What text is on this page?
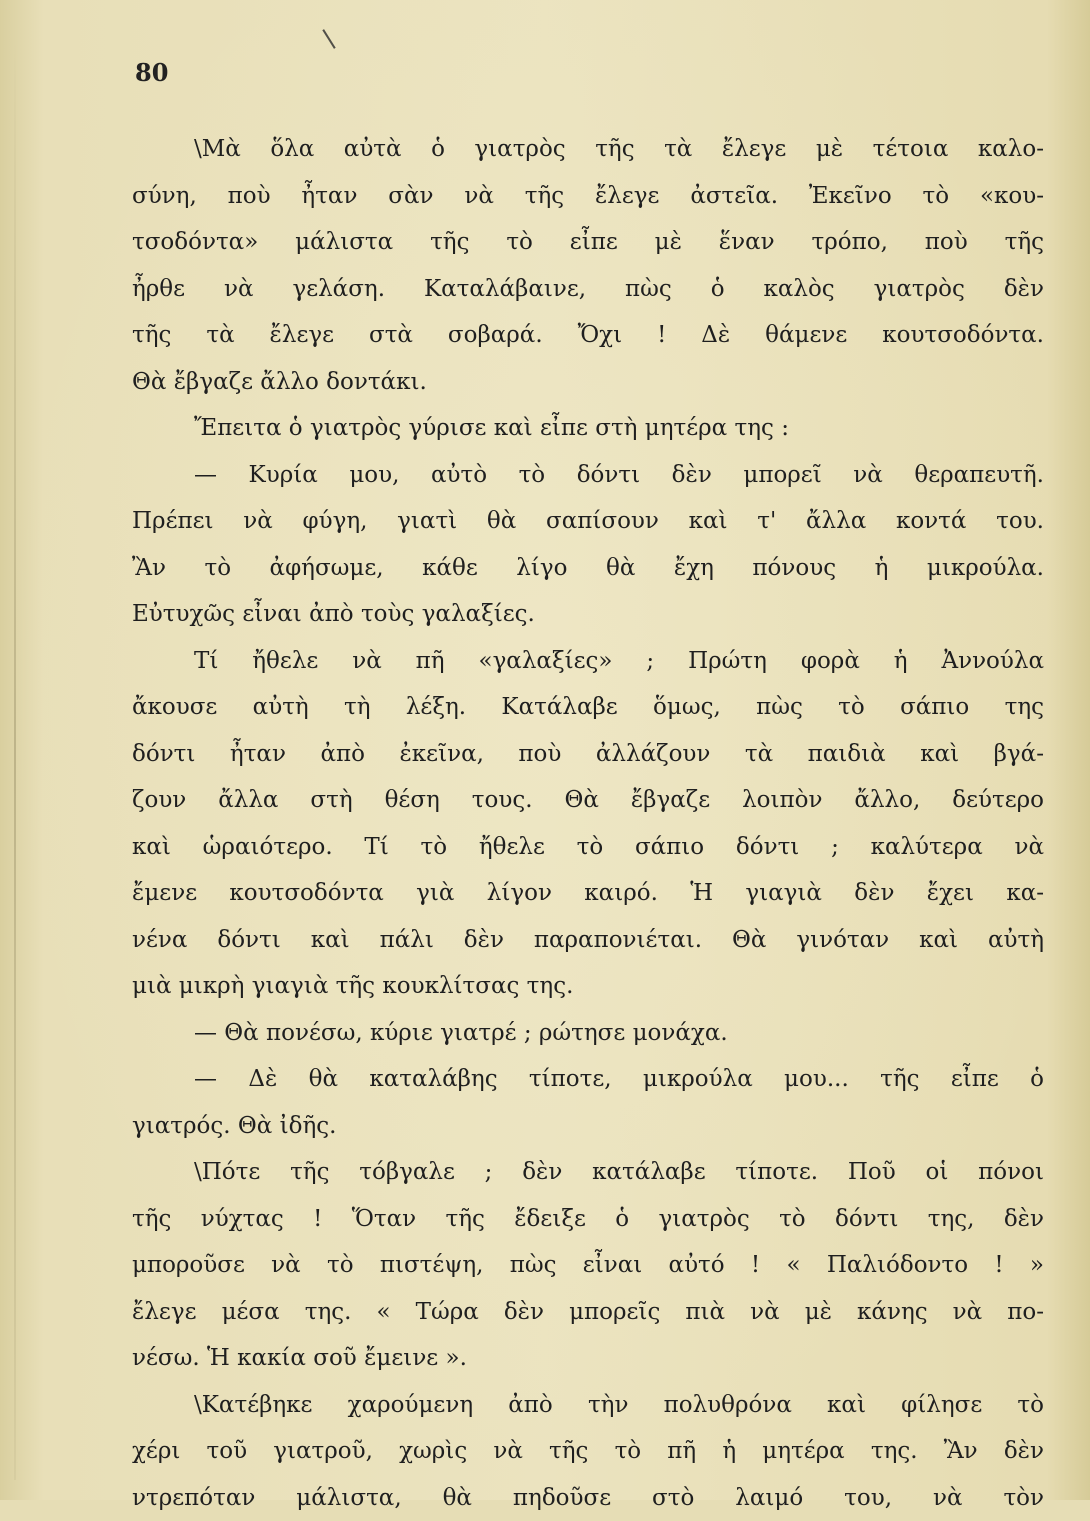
80
\Μὰ ὅλα αὐτὰ ὁ γιατρὸς τῆς τὰ ἔλεγε μὲ τέτοια καλο-
σύνη, ποὺ ἦταν σὰν νὰ τῆς ἔλεγε ἀστεῖα. Ἐκεῖνο τὸ «κου-
τσοδόντα» μάλιστα τῆς τὸ εἶπε μὲ ἕναν τρόπο, ποὺ τῆς
ἦρθε νὰ γελάση. Καταλάβαινε, πὼς ὁ καλὸς γιατρὸς δὲν
τῆς τὰ ἔλεγε στὰ σοβαρά. Ὄχι ! Δὲ θάμενε κουτσοδόντα.
Θὰ ἔβγαζε ἄλλο δοντάκι.
Ἔπειτα ὁ γιατρὸς γύρισε καὶ εἶπε στὴ μητέρα της :
— Κυρία μου, αὐτὸ τὸ δόντι δὲν μπορεῖ νὰ θεραπευτῆ.
Πρέπει νὰ φύγη, γιατὶ θὰ σαπίσουν καὶ τ' ἄλλα κοντά του.
Ἂν τὸ ἀφήσωμε, κάθε λίγο θὰ ἔχη πόνους ἡ μικρούλα.
Εὐτυχῶς εἶναι ἀπὸ τοὺς γαλαξίες.
Τί ἤθελε νὰ πῆ «γαλαξίες» ; Πρώτη φορὰ ἡ Ἀννούλα
ἄκουσε αὐτὴ τὴ λέξη. Κατάλαβε ὅμως, πὼς τὸ σάπιο της
δόντι ἦταν ἀπὸ ἐκεῖνα, ποὺ ἀλλάζουν τὰ παιδιὰ καὶ βγά-
ζουν ἄλλα στὴ θέση τους. Θὰ ἔβγαζε λοιπὸν ἄλλο, δεύτερο
καὶ ὡραιότερο. Τί τὸ ἤθελε τὸ σάπιο δόντι ; καλύτερα νὰ
ἔμενε κουτσοδόντα γιὰ λίγον καιρό. Ἡ γιαγιὰ δὲν ἔχει κα-
νένα δόντι καὶ πάλι δὲν παραπονιέται. Θὰ γινόταν καὶ αὐτὴ
μιὰ μικρὴ γιαγιὰ τῆς κουκλίτσας της.
— Θὰ πονέσω, κύριε γιατρέ ; ρώτησε μονάχα.
— Δὲ θὰ καταλάβης τίποτε, μικρούλα μου... τῆς εἶπε ὁ
γιατρός. Θὰ ἰδῆς.
\Πότε τῆς τόβγαλε ; δὲν κατάλαβε τίποτε. Ποῦ οἱ πόνοι
τῆς νύχτας ! Ὅταν τῆς ἔδειξε ὁ γιατρὸς τὸ δόντι της, δὲν
μποροῦσε νὰ τὸ πιστέψη, πὼς εἶναι αὐτό ! « Παλιόδοντο ! »
ἔλεγε μέσα της. « Τώρα δὲν μπορεῖς πιὰ νὰ μὲ κάνης νὰ πο-
νέσω. Ἡ κακία σοῦ ἔμεινε ».
\Κατέβηκε χαρούμενη ἀπὸ τὴν πολυθρόνα καὶ φίλησε τὸ
χέρι τοῦ γιατροῦ, χωρὶς νὰ τῆς τὸ πῆ ἡ μητέρα της. Ἂν δὲν
ντρεπόταν μάλιστα, θὰ πηδοῦσε στὸ λαιμό του, νὰ τὸν
